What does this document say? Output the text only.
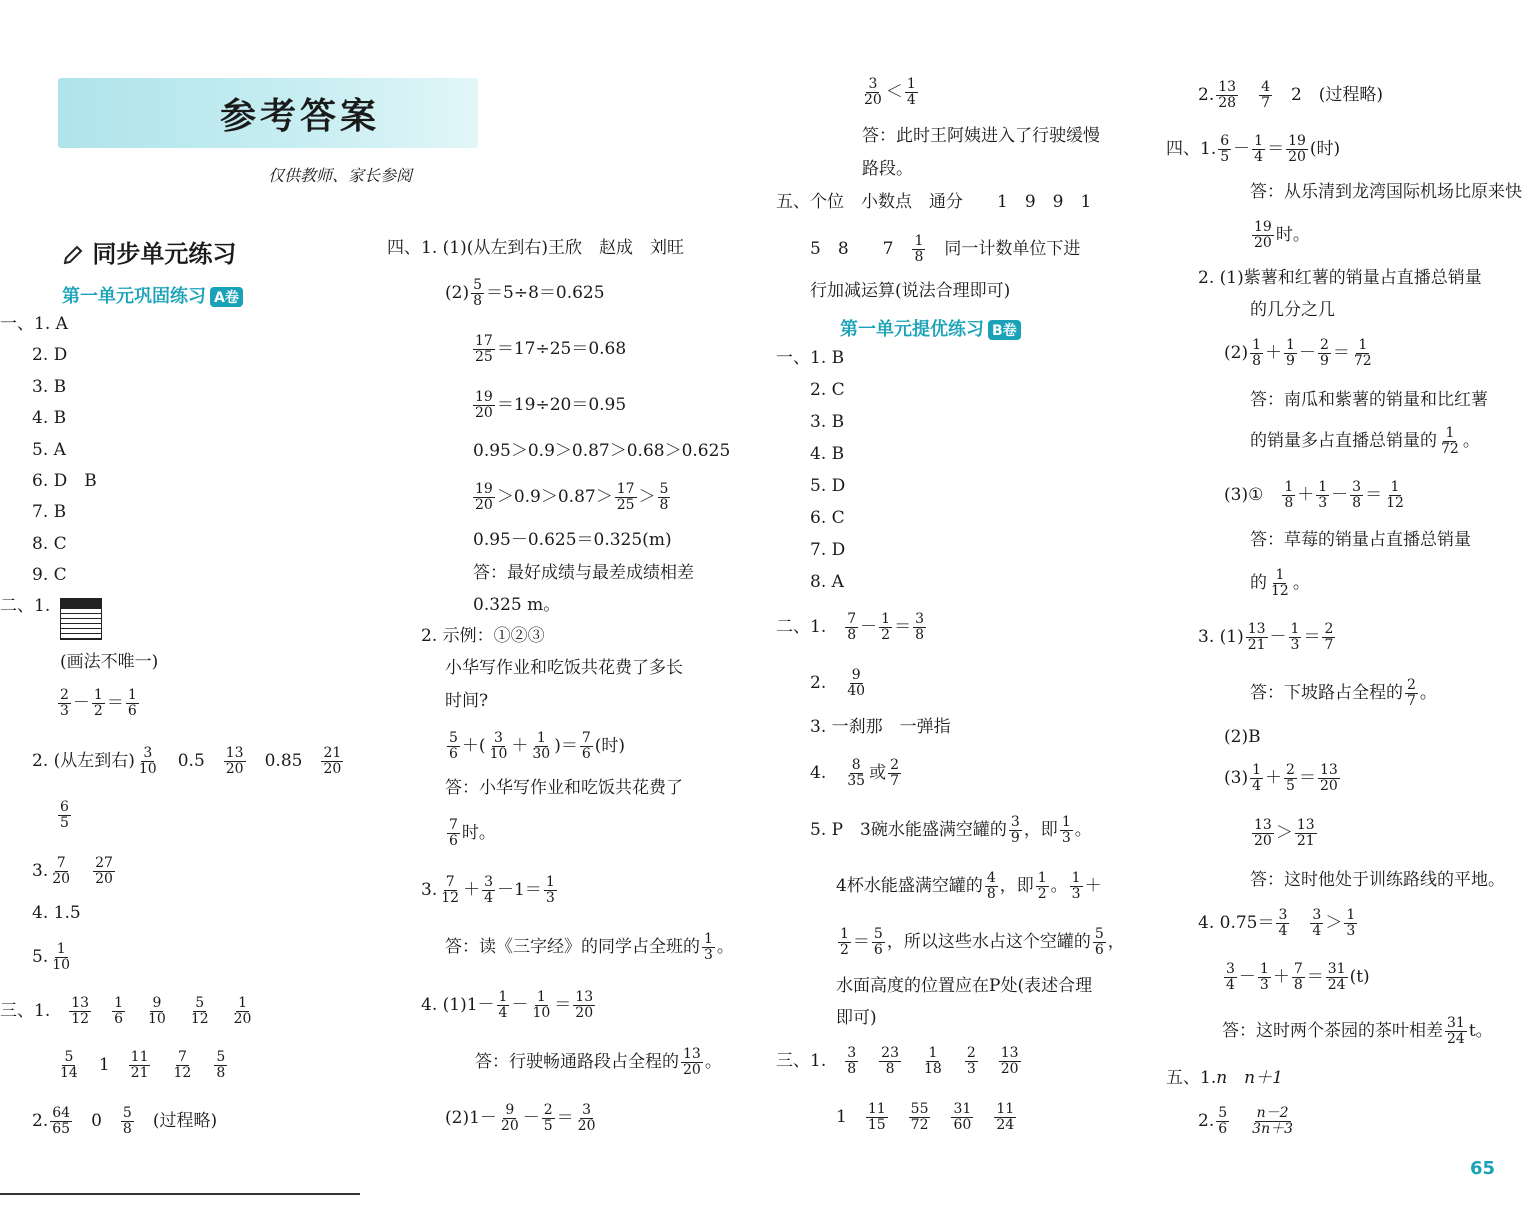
参考答案
仅供教师、家长参阅
同步单元练习
第一单元巩固练习 A卷
一、1. A
2. D
3. B
4. B
5. A
6. D　B
7. B
8. C
9. C
二、1.
(画法不唯一)
$\frac{2}{3} - \frac{1}{2} = \frac{1}{6}$
2. (从左到右) $\frac{3}{10}$
　 0.5　 $\frac{13}{20}$
　 0.85　 $\frac{21}{20}$
$\frac{6}{5}$
3. $\frac{7}{20}$
　 $\frac{27}{20}$
4. 1.5
5. $\frac{1}{10}$
三、1.　 $\frac{13}{12}$
　 $\frac{1}{6}$
　 $\frac{9}{10}$
　 $\frac{5}{12}$
　 $\frac{1}{20}$
$\frac{5}{14}$
　 1　 $\frac{11}{21}$
　 $\frac{7}{12}$
　 $\frac{5}{8}$
2. $\frac{64}{65}$
　 0　 $\frac{5}{8}$
　 (过程略)
四、1. (1)(从左到右)王欣　赵成　刘旺
$(2) \frac{5}{8} =5\div 8=0.625$
$\frac{17}{25} =17\div 25=0.68$
$\frac{19}{20} =19\div 20=0.95$
0.95＞0.9＞0.87＞0.68＞0.625
$\frac{19}{20} >0.9>0.87> \frac{17}{25} > \frac{5}{8}$
0.95－0.625＝0.325(m)
答：最好成绩与最差成绩相差
0.325 m。
2. 示例：①②③
小华写作业和吃饭共花费了多长
时间?
$\frac{5}{6}$ ＋( $\frac{3}{10} + \frac{1}{30}$ )＝ $\frac{7}{6}$ (时)
答：小华写作业和吃饭共花费了
$\frac{7}{6}$ 时。
3. $\frac{7}{12} + \frac{3}{4} -1= \frac{1}{3}$
答：读《三字经》的同学占全班的 $\frac{1}{3}$ 。
4. $(1)1- \frac{1}{4} - \frac{1}{10} = \frac{13}{20}$
答：行驶畅通路段占全程的 $\frac{13}{20}$ 。
$(2)1- \frac{9}{20} - \frac{2}{5} = \frac{3}{20}$
$\frac{3}{20} < \frac{1}{4}$
答：此时王阿姨进入了行驶缓慢
路段。
五、个位　小数点　通分　　1　9　9　1
5　8　　7　 $\frac{1}{8}$
　 同一计数单位下进
行加减运算(说法合理即可)
第一单元提优练习 B卷
一、1. B
2. C
3. B
4. B
5. D
6. C
7. D
8. A
二、1.　 $\frac{7}{8} - \frac{1}{2} = \frac{3}{8}$
2.　 $\frac{9}{40}$
3. 一刹那　一弹指
4.　 $\frac{8}{35}$ 或 $\frac{2}{7}$
5. P　3碗水能盛满空罐的 $\frac{3}{9}$ ，即 $\frac{1}{3}$ 。
4杯水能盛满空罐的 $\frac{4}{8}$ ，即 $\frac{1}{2}$ 。 $\frac{1}{3}$ ＋
$\frac{1}{2} = \frac{5}{6}$ ，所以这些水占这个空罐的 $\frac{5}{6}$ ，
水面高度的位置应在P处(表述合理
即可)
三、1.　 $\frac{3}{8}$
　 $\frac{23}{8}$
　 $\frac{1}{18}$
　 $\frac{2}{3}$
　 $\frac{13}{20}$
1　 $\frac{11}{15}$
　 $\frac{55}{72}$
　 $\frac{31}{60}$
　 $\frac{11}{24}$
2. $\frac{13}{28}$
　 $\frac{4}{7}$
　 2　(过程略)
四、1. $\frac{6}{5} - \frac{1}{4} = \frac{19}{20}$ (时)
答：从乐清到龙湾国际机场比原来快
$\frac{19}{20}$ 时。
2. (1)紫薯和红薯的销量占直播总销量
的几分之几
$(2) \frac{1}{8} + \frac{1}{9} - \frac{2}{9} = \frac{1}{72}$
答：南瓜和紫薯的销量和比红薯
的销量多占直播总销量的 $\frac{1}{72}$ 。
(3)①　 $\frac{1}{8} + \frac{1}{3} - \frac{3}{8} = \frac{1}{12}$
答：草莓的销量占直播总销量
的 $\frac{1}{12}$ 。
3. $(1) \frac{13}{21} - \frac{1}{3} = \frac{2}{7}$
答：下坡路占全程的 $\frac{2}{7}$ 。
(2)B
$(3) \frac{1}{4} + \frac{2}{5} = \frac{13}{20}$
$\frac{13}{20} > \frac{13}{21}$
答：这时他处于训练路线的平地。
4. $0.75= \frac{3}{4}$
　 $\frac{3}{4} > \frac{1}{3}$
$\frac{3}{4} - \frac{1}{3} + \frac{7}{8} = \frac{31}{24} (t)$
答：这时两个茶园的茶叶相差 $\frac{31}{24}$ t。
五、1.n　n＋1
2. $\frac{5}{6}$
　 $\frac{n-2}{3n+3}$
65
